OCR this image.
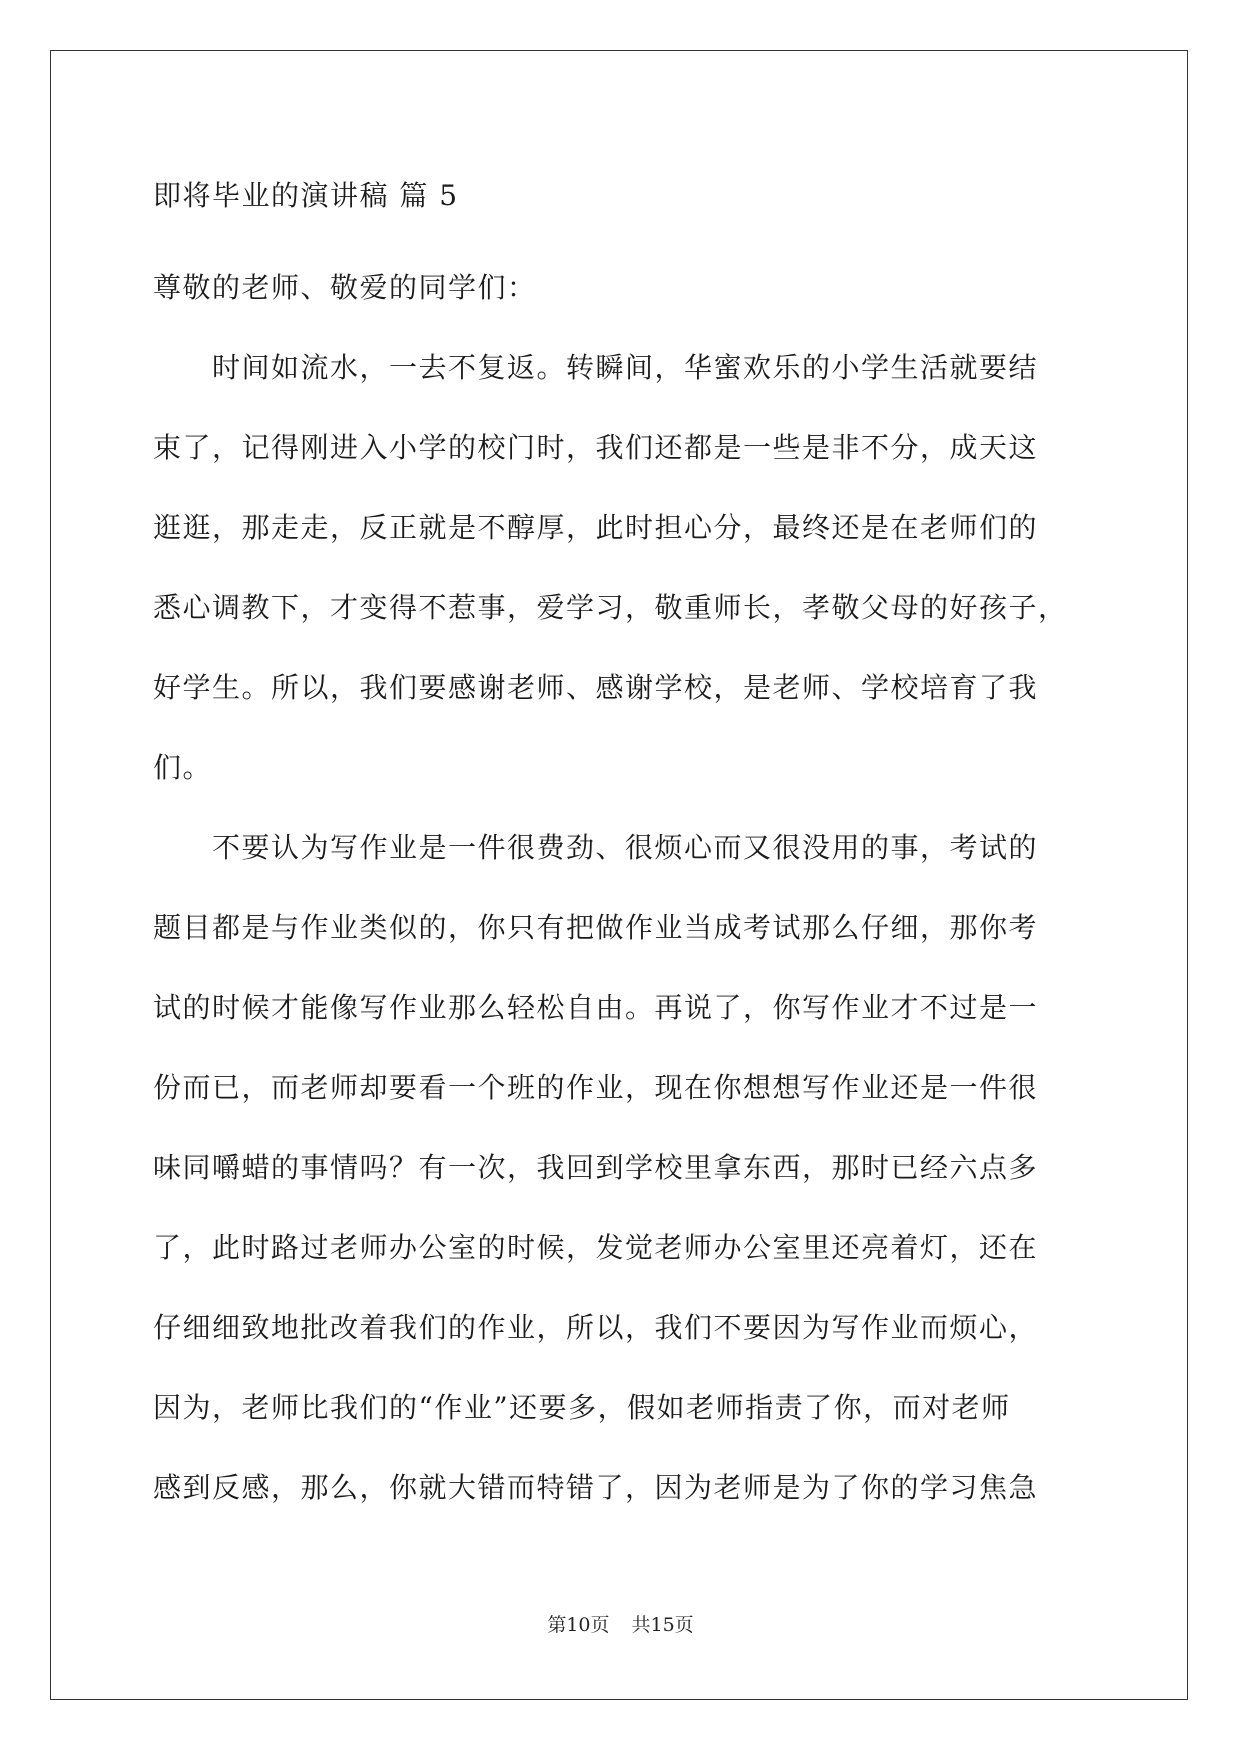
即将毕业的演讲稿 篇 5
尊敬的老师、敬爱的同学们：
　　时间如流水，一去不复返。转瞬间，华蜜欢乐的小学生活就要结
束了，记得刚进入小学的校门时，我们还都是一些是非不分，成天这
逛逛，那走走，反正就是不醇厚，此时担心分，最终还是在老师们的
悉心调教下，才变得不惹事，爱学习，敬重师长，孝敬父母的好孩子，
好学生。所以，我们要感谢老师、感谢学校，是老师、学校培育了我
们。
　　不要认为写作业是一件很费劲、很烦心而又很没用的事，考试的
题目都是与作业类似的，你只有把做作业当成考试那么仔细，那你考
试的时候才能像写作业那么轻松自由。再说了，你写作业才不过是一
份而已，而老师却要看一个班的作业，现在你想想写作业还是一件很
味同嚼蜡的事情吗？有一次，我回到学校里拿东西，那时已经六点多
了，此时路过老师办公室的时候，发觉老师办公室里还亮着灯，还在
仔细细致地批改着我们的作业，所以，我们不要因为写作业而烦心，
因为，老师比我们的“作业”还要多，假如老师指责了你，而对老师
感到反感，那么，你就大错而特错了，因为老师是为了你的学习焦急
第10页 共15页
